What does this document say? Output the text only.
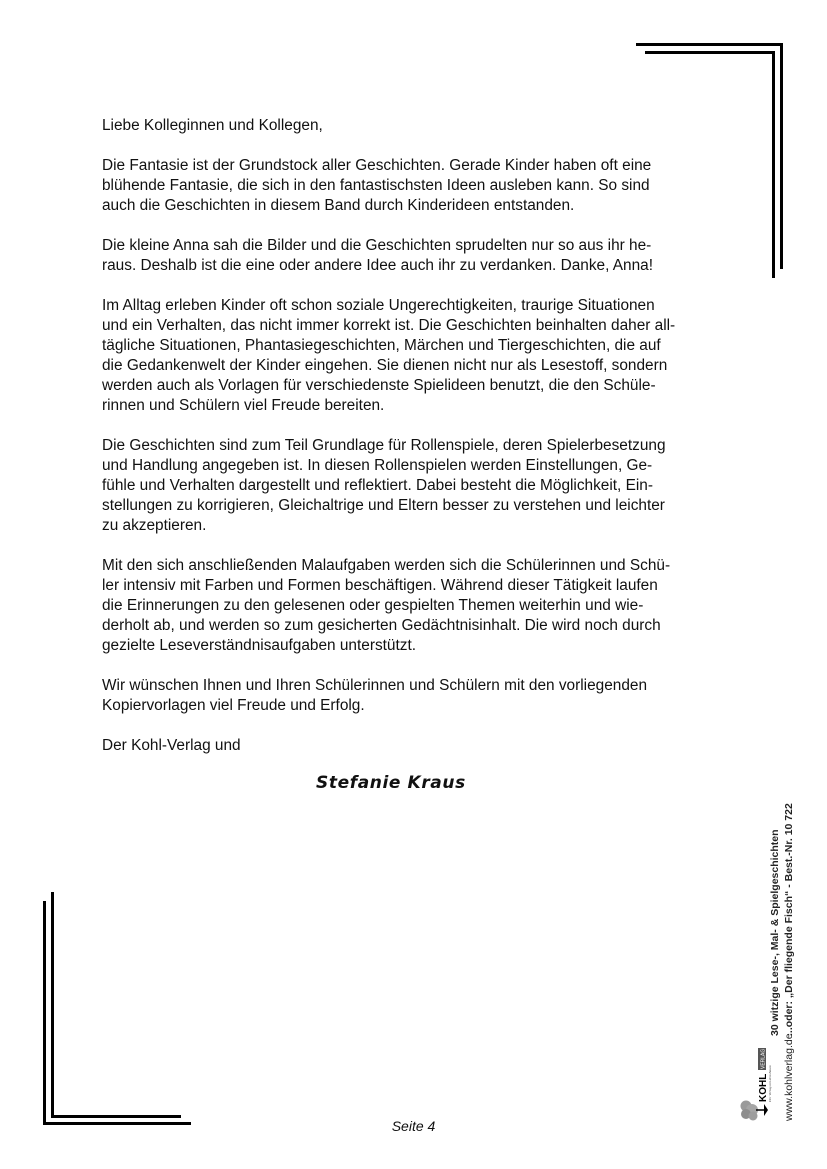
Liebe Kolleginnen und Kollegen,

Die Fantasie ist der Grundstock aller Geschichten. Gerade Kinder haben oft eine
blühende Fantasie, die sich in den fantastischsten Ideen ausleben kann. So sind
auch die Geschichten in diesem Band durch Kinderideen entstanden.

Die kleine Anna sah die Bilder und die Geschichten sprudelten nur so aus ihr he-
raus. Deshalb ist die eine oder andere Idee auch ihr zu verdanken. Danke, Anna!

Im Alltag erleben Kinder oft schon soziale Ungerechtigkeiten, traurige Situationen
und ein Verhalten, das nicht immer korrekt ist. Die Geschichten beinhalten daher all-
tägliche Situationen, Phantasiegeschichten, Märchen und Tiergeschichten, die auf
die Gedankenwelt der Kinder eingehen. Sie dienen nicht nur als Lesestoff, sondern
werden auch als Vorlagen für verschiedenste Spielideen benutzt, die den Schüle-
rinnen und Schülern viel Freude bereiten.

Die Geschichten sind zum Teil Grundlage für Rollenspiele, deren Spielerbesetzung
und Handlung angegeben ist. In diesen Rollenspielen werden Einstellungen, Ge-
fühle und Verhalten dargestellt und reflektiert. Dabei besteht die Möglichkeit, Ein-
stellungen zu korrigieren, Gleichaltrige und Eltern besser zu verstehen und leichter
zu akzeptieren.

Mit den sich anschließenden Malaufgaben werden sich die Schülerinnen und Schü-
ler intensiv mit Farben und Formen beschäftigen. Während dieser Tätigkeit laufen
die Erinnerungen zu den gelesenen oder gespielten Themen weiterhin und wie-
derholt ab, und werden so zum gesicherten Gedächtnisinhalt. Die wird noch durch
gezielte Leseverständnisaufgaben unterstützt.

Wir wünschen Ihnen und Ihren Schülerinnen und Schülern mit den vorliegenden
Kopiervorlagen viel Freude und Erfolg.

Der Kohl-Verlag und

Stefanie Kraus
Seite 4
30 witzige Lese-, Mal- & Spielgeschichten ...oder: „Der fliegende Fisch“ - Best.-Nr. 10 722
www.kohlverlag.de
KOHL
VERLAG
Der Verlag mit dem Baum
